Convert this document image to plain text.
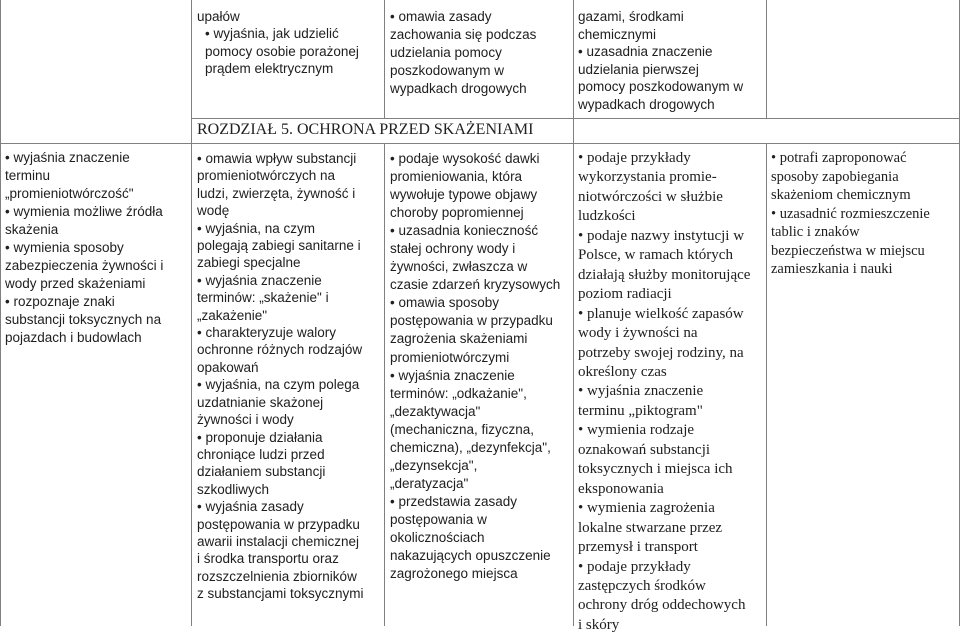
upałów
• wyjaśnia, jak udzielić
pomocy osobie porażonej
prądem elektrycznym
• omawia zasady
zachowania się podczas
udzielania pomocy
poszkodowanym w
wypadkach drogowych
gazami, środkami
chemicznymi
• uzasadnia znaczenie
udzielania pierwszej
pomocy poszkodowanym w
wypadkach drogowych
ROZDZIAŁ 5. OCHRONA PRZED SKAŻENIAMI
• wyjaśnia znaczenie
terminu
„promieniotwórczość"
• wymienia możliwe źródła
skażenia
• wymienia sposoby
zabezpieczenia żywności i
wody przed skażeniami
• rozpoznaje znaki
substancji toksycznych na
pojazdach i budowlach
• omawia wpływ substancji
promieniotwórczych na
ludzi, zwierzęta, żywność i
wodę
• wyjaśnia, na czym
polegają zabiegi sanitarne i
zabiegi specjalne
• wyjaśnia znaczenie
terminów: „skażenie" i
„zakażenie"
• charakteryzuje walory
ochronne różnych rodzajów
opakowań
• wyjaśnia, na czym polega
uzdatnianie skażonej
żywności i wody
• proponuje działania
chroniące ludzi przed
działaniem substancji
szkodliwych
• wyjaśnia zasady
postępowania w przypadku
awarii instalacji chemicznej
i środka transportu oraz
rozszczelnienia zbiorników
z substancjami toksycznymi
• podaje wysokość dawki
promieniowania, która
wywołuje typowe objawy
choroby popromiennej
• uzasadnia konieczność
stałej ochrony wody i
żywności, zwłaszcza w
czasie zdarzeń kryzysowych
• omawia sposoby
postępowania w przypadku
zagrożenia skażeniami
promieniotwórczymi
• wyjaśnia znaczenie
terminów: „odkażanie",
„dezaktywacja"
(mechaniczna, fizyczna,
chemiczna), „dezynfekcja",
„dezynsekcja",
„deratyzacja"
• przedstawia zasady
postępowania w
okolicznościach
nakazujących opuszczenie
zagrożonego miejsca
• podaje przykłady
wykorzystania promie-
niotwórczości w służbie
ludzkości
• podaje nazwy instytucji w
Polsce, w ramach których
działają służby monitorujące
poziom radiacji
• planuje wielkość zapasów
wody i żywności na
potrzeby swojej rodziny, na
określony czas
• wyjaśnia znaczenie
terminu „piktogram"
• wymienia rodzaje
oznakowań substancji
toksycznych i miejsca ich
eksponowania
• wymienia zagrożenia
lokalne stwarzane przez
przemysł i transport
• podaje przykłady
zastępczych środków
ochrony dróg oddechowych
i skóry
• potrafi zaproponować
sposoby zapobiegania
skażeniom chemicznym
• uzasadnić rozmieszczenie
tablic i znaków
bezpieczeństwa w miejscu
zamieszkania i nauki
